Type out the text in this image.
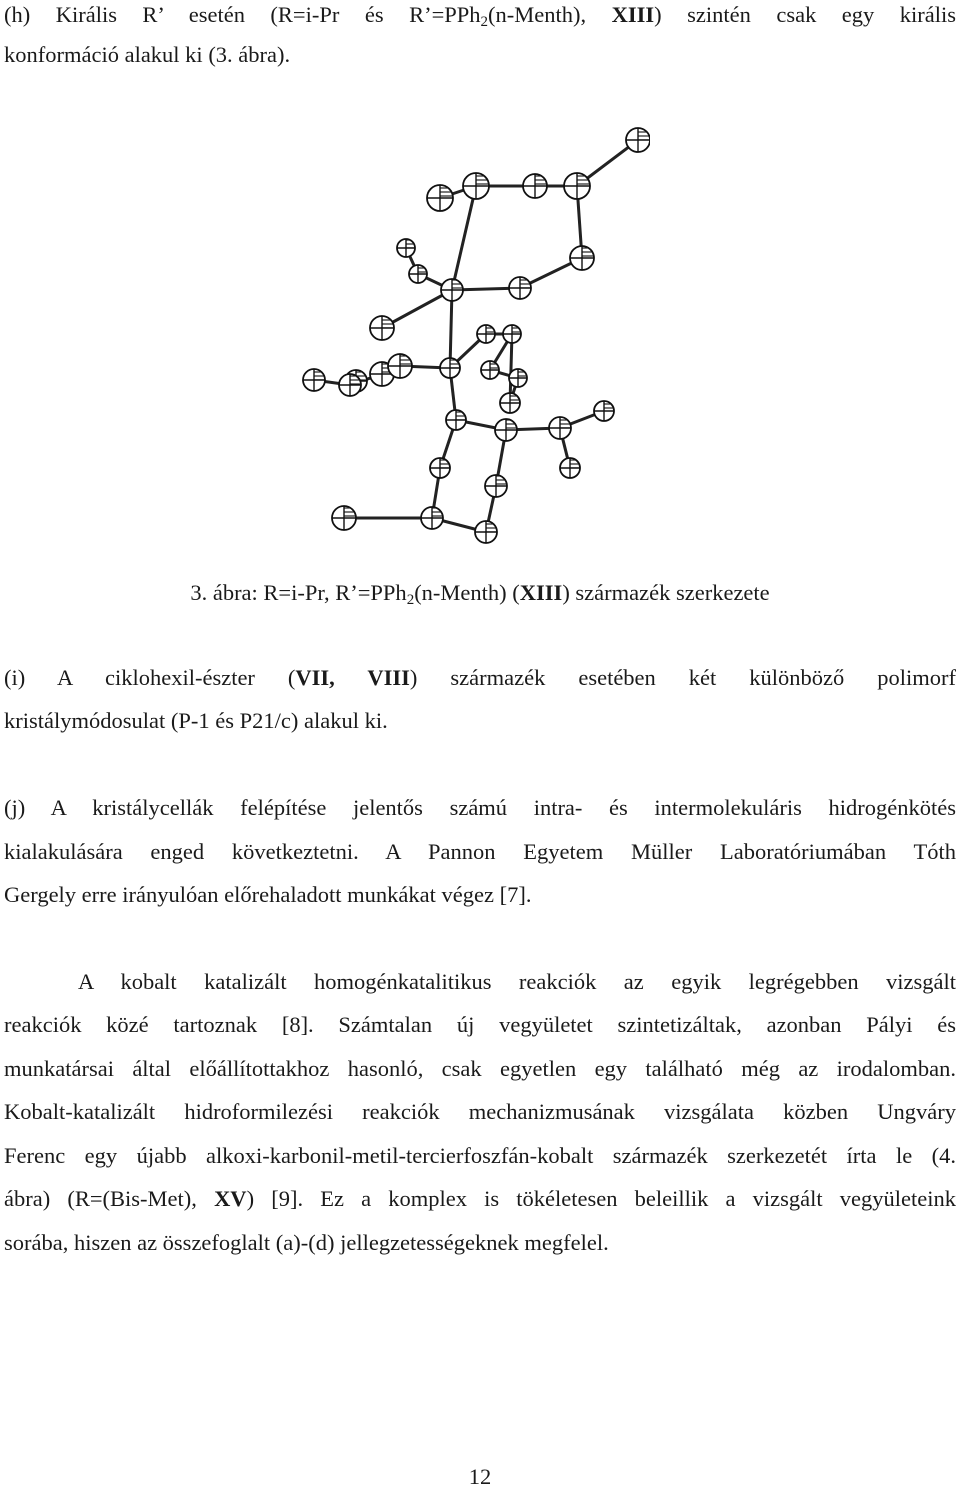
(h) Királis R’ esetén (R=i-Pr és R’=PPh$_2$(n-Menth), XIII) szintén csak egy királis
konformáció alakul ki (3. ábra).
3. ábra: R=i-Pr, R’=PPh$_2$(n-Menth) (XIII) származék szerkezete
(i) A ciklohexil-észter (VII, VIII) származék esetében két különböző polimorf
kristálymódosulat (P-1 és P21/c) alakul ki.
(j) A kristálycellák felépítése jelentős számú intra- és intermolekuláris hidrogénkötés
kialakulására enged következtetni. A Pannon Egyetem Müller Laboratóriumában Tóth
Gergely erre irányulóan előrehaladott munkákat végez [7].
A kobalt katalizált homogénkatalitikus reakciók az egyik legrégebben vizsgált
reakciók közé tartoznak [8]. Számtalan új vegyületet szintetizáltak, azonban Pályi és
munkatársai által előállítottakhoz hasonló, csak egyetlen egy található még az irodalomban.
Kobalt-katalizált hidroformilezési reakciók mechanizmusának vizsgálata közben Ungváry
Ferenc egy újabb alkoxi-karbonil-metil-tercierfoszfán-kobalt származék szerkezetét írta le (4.
ábra) (R=(Bis-Met), XV) [9]. Ez a komplex is tökéletesen beleillik a vizsgált vegyületeink
sorába, hiszen az összefoglalt (a)-(d) jellegzetességeknek megfelel.
12
